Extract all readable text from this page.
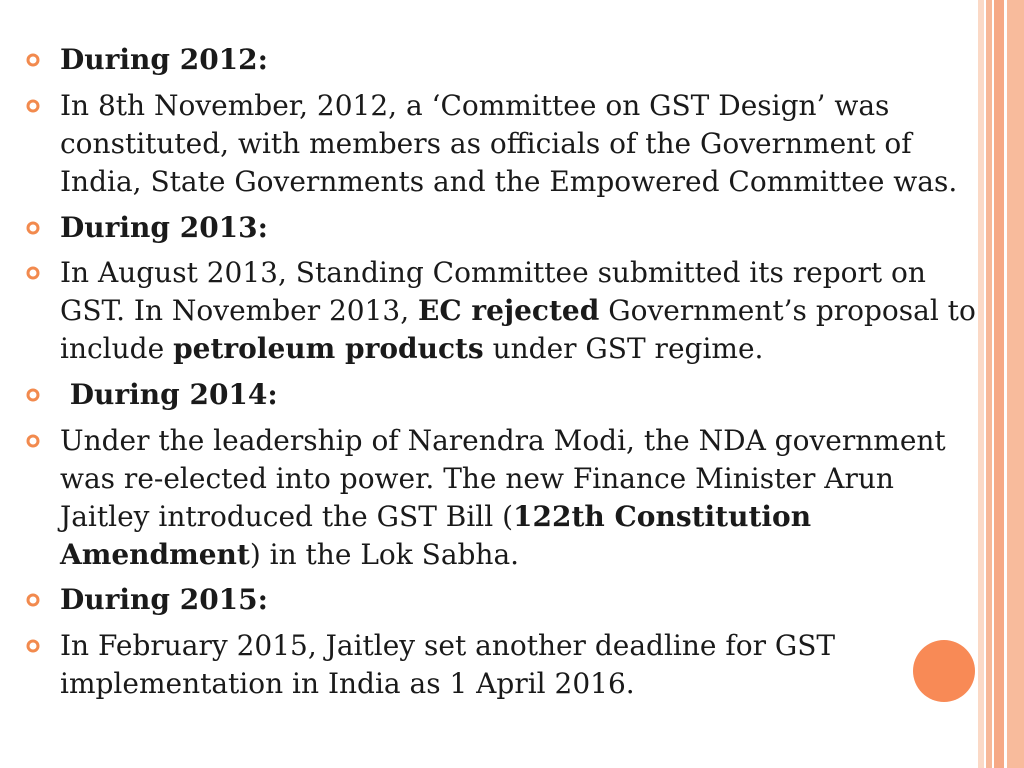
During 2012:

In 8th November, 2012, a ‘Committee on GST Design’ was constituted, with members as officials of the Government of India, State Governments and the Empowered Committee was.

During 2013:

In August 2013, Standing Committee submitted its report on GST. In November 2013, EC rejected Government’s proposal to include petroleum products under GST regime.

During 2014:

Under the leadership of Narendra Modi, the NDA government was re-elected into power. The new Finance Minister Arun Jaitley introduced the GST Bill (122th Constitution Amendment) in the Lok Sabha.

During 2015:

In February 2015, Jaitley set another deadline for GST implementation in India as 1 April 2016.
